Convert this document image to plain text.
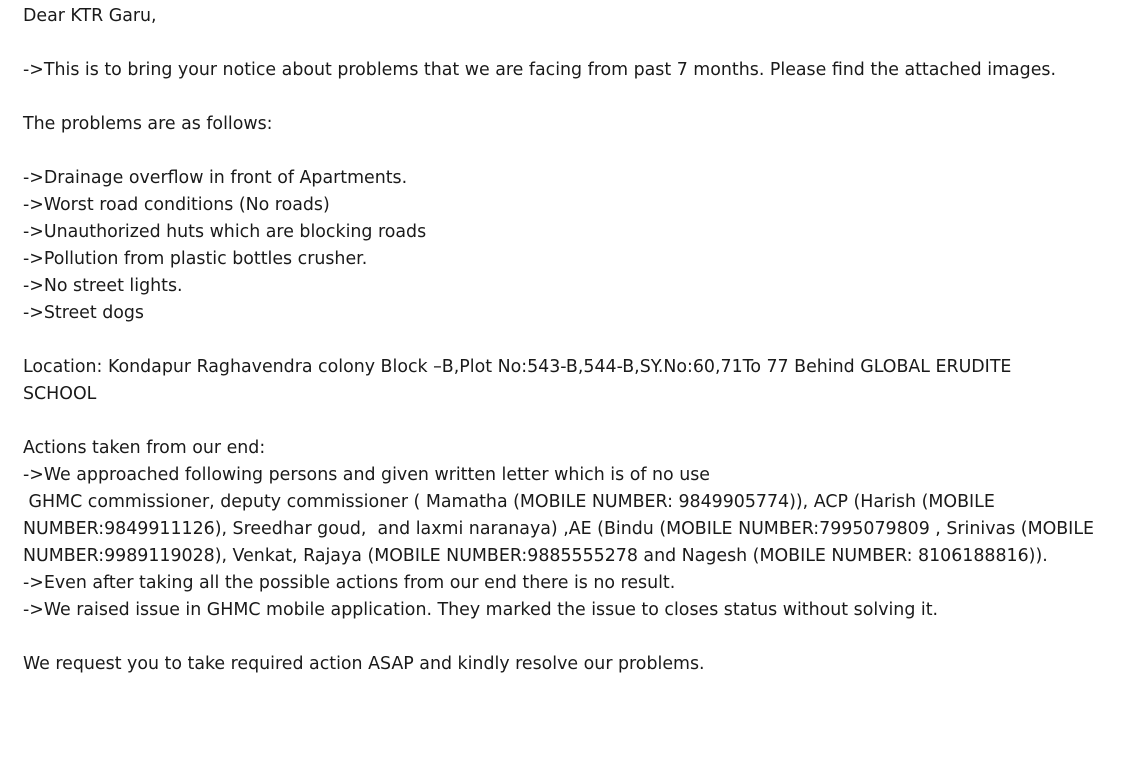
Dear KTR Garu,
->This is to bring your notice about problems that we are facing from past 7 months. Please find the attached images.
The problems are as follows:
->Drainage overflow in front of Apartments.
->Worst road conditions (No roads)
->Unauthorized huts which are blocking roads
->Pollution from plastic bottles crusher.
->No street lights.
->Street dogs
Location: Kondapur Raghavendra colony Block –B,Plot No:543-B,544-B,SY.No:60,71To 77 Behind GLOBAL ERUDITE
SCHOOL
Actions taken from our end:
->We approached following persons and given written letter which is of no use
GHMC commissioner, deputy commissioner ( Mamatha (MOBILE NUMBER: 9849905774)), ACP (Harish (MOBILE
NUMBER:9849911126), Sreedhar goud,  and laxmi naranaya) ,AE (Bindu (MOBILE NUMBER:7995079809 , Srinivas (MOBILE
NUMBER:9989119028), Venkat, Rajaya (MOBILE NUMBER:9885555278 and Nagesh (MOBILE NUMBER: 8106188816)).
->Even after taking all the possible actions from our end there is no result.
->We raised issue in GHMC mobile application. They marked the issue to closes status without solving it.
We request you to take required action ASAP and kindly resolve our problems.
